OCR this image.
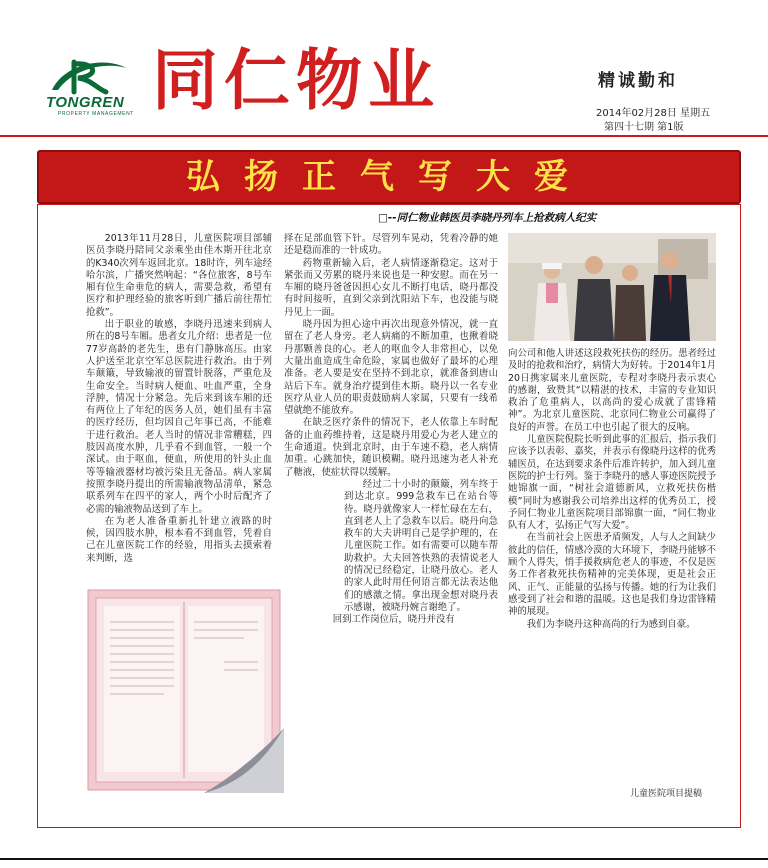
TONGREN
PROPERTY MANAGEMENT 同仁物业	精诚勤和
2014年02月28日 星期五
第四十七期 第1版
弘扬正气写大爱
□--同仁物业韩医员李晓丹列车上抢救病人纪实

2013年11月28日，儿童医院项目部辅医员李晓丹陪同父亲乘坐由佳木斯开往北京的K340次列车返回北京。18时许，列车途经哈尔滨，广播突然响起：“各位旅客，8号车厢有位生命垂危的病人，需要急救，希望有医疗和护理经验的旅客听到广播后前往帮忙抢救”。

出于职业的敏感，李晓丹迅速来到病人所在的8号车厢。患者女儿介绍：患者是一位77岁高龄的老先生，患有门静脉高压。由家人护送至北京空军总医院进行救治。由于列车颠簸，导致输液的留置针脱落，严重危及生命安全。当时病人便血、吐血严重，全身浮肿，情况十分紧急。先后来到该车厢的还有两位上了年纪的医务人员，她们虽有丰富的医疗经历，但均因自己年事已高，不能难于进行救治。老人当时的情况非常糟糕，四肢因高度水肿，几乎看不到血管，一般一个深试。由于呕血，便血，所使用的针头止血等等输液器材均被污染且无备品。病人家属按照李晓丹提出的所需输液物品清单，紧急联系列车在四平的家人，两个小时后配齐了必需的输液物品送到了车上。

在为老人准备重新扎针建立液路的时候，因四肢水肿，根本看不到血管，凭着自己在儿童医院工作的经验，用指头去摸索着来判断，选

择在足部血管下针。尽管列车晃动，凭着冷静的她还是稳而准的一针成功。

药物重新输入后，老人病情逐渐稳定。这对于紧张而又劳累的晓丹来说也是一种安慰。而在另一车厢的晓丹爸爸因担心女儿不断打电话，晓丹都没有时间接听，直到父亲到沈阳站下车，也没能与晓丹见上一面。

晓丹因为担心途中再次出现意外情况，就一直留在了老人身旁。老人病痛的不断加重，也揪着晓丹那颗善良的心。老人的呕血令人非常担心，以免大量出血造成生命危险，家属也做好了最坏的心理准备。老人要是安在坚持不到北京，就准备到唐山站后下车。就身治疗提到佳木斯。晓丹以一名专业医疗从业人员的职责鼓励病人家属，只要有一线希望就绝不能放弃。

在缺乏医疗条件的情况下，老人依靠上车时配备的止血药维持着，这是晓丹用爱心为老人建立的生命通道。快到北京时，由于车速不稳，老人病情加重。心跳加快，随识模糊。晓丹迅速为老人补充了糖液，使症状得以缓解。

经过二十小时的颠簸，列车终于到达北京。999急救车已在站台等待。晓丹就像家人一样忙碌在左右，直到老人上了急救车以后。晓丹向急救车的大夫讲明自己是学护理的，在儿童医院工作。如有需要可以随车帮助救护。大夫回答快熟的表情说老人的情况已经稳定，让晓丹放心。老人的家人此时用任何语言都无法表达他们的感激之情。拿出现金想对晓丹表示感谢，被晓丹婉言谢绝了。

回到工作岗位后，晓丹并没有

向公司和他人讲述这段救死扶伤的经历。患者经过及时的抢救和治疗，病情大为好转。于2014年1月20日携家属来儿童医院，专程对李晓丹表示衷心的感谢，致赞其“以精湛的技术，丰富的专业知识救治了危重病人，以高尚的爱心成就了雷锋精神”。为北京儿童医院、北京同仁物业公司赢得了良好的声誉。在员工中也引起了很大的反响。

儿童医院倪院长听到此事的汇报后，指示我们应该予以表彰、嘉奖，并表示有像晓丹这样的优秀辅医员，在达到要求条件后准许转护，加入到儿童医院的护士行列。鉴于李晓丹的感人事迹医院授予她锦旗一面，“树社会道德新风，立救死扶伤楷模”同时为感谢我公司培养出这样的优秀员工，授予同仁物业儿童医院项目部锦旗一面，“同仁物业队有人才，弘扬正气写大爱”。

在当前社会上医患矛盾频发，人与人之间缺少彼此的信任，情感冷漠的大环境下，李晓丹能够不顾个人得失，悄手援救病危老人的事迹，不仅是医务工作者救死扶伤精神的完美体现，更是社会正风、正气、正能量的弘扬与传播。她的行为让我们感受到了社会和谐的温暖。这也是我们身边雷锋精神的展现。

我们为李晓丹这种高尚的行为感到自豪。

儿童医院项目提稿
